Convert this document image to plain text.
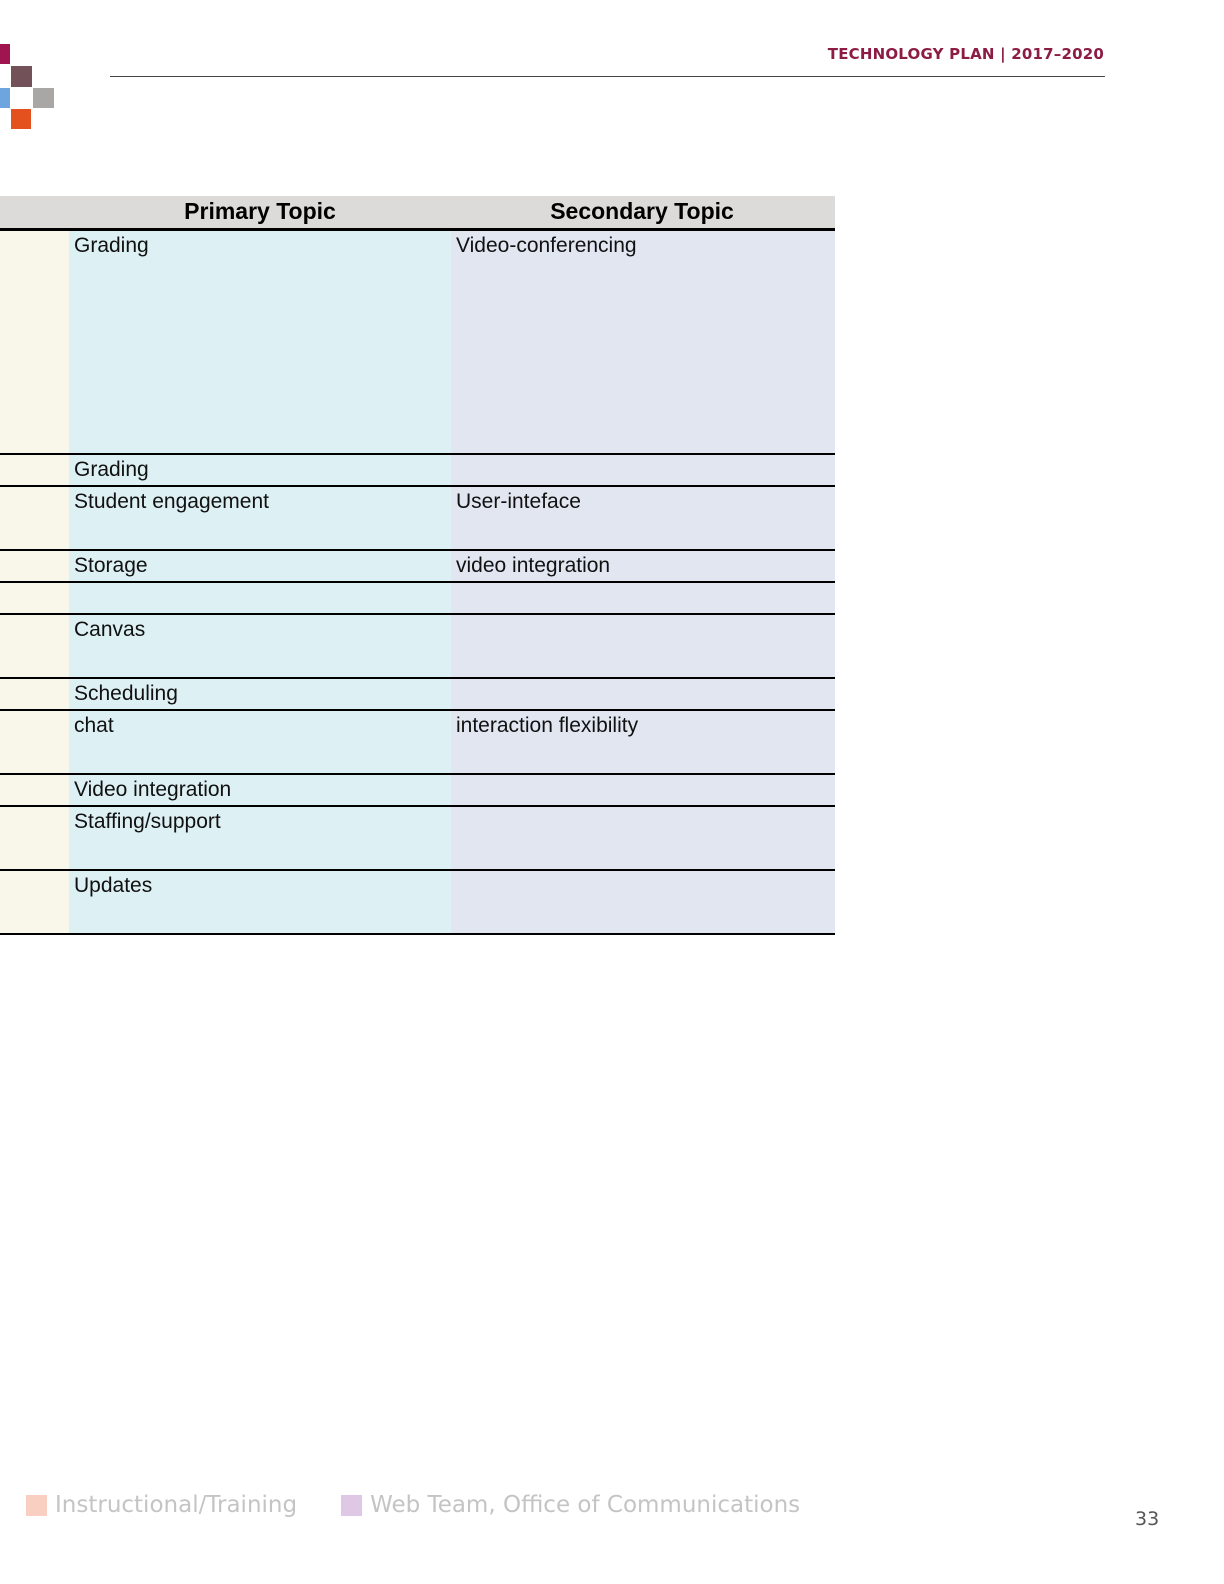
TECHNOLOGY PLAN | 2017–2020
Primary Topic	Secondary Topic
Grading	Video-conferencing
Grading
Student engagement	User-inteface
Storage	video integration
Canvas
Scheduling
chat	interaction flexibility
Video integration
Staffing/support
Updates
Instructional/Training	Web Team, Office of Communications
33
